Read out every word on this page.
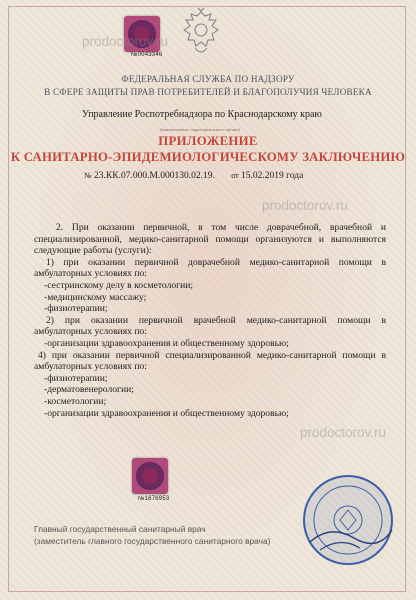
№0043346
ФЕДЕРАЛЬНАЯ СЛУЖБА ПО НАДЗОРУ
В СФЕРЕ ЗАЩИТЫ ПРАВ ПОТРЕБИТЕЛЕЙ И БЛАГОПОЛУЧИЯ ЧЕЛОВЕКА
Управление Роспотребнадзора по Краснодарскому краю
(наименование территориального органа)
ПРИЛОЖЕНИЕ
К САНИТАРНО-ЭПИДЕМИОЛОГИЧЕСКОМУ ЗАКЛЮЧЕНИЮ
№ 23.КК.07.000.М.000130.02.19. от 15.02.2019 года

2. При оказании первичной, в том числе доврачебной, врачебной и специализированной, медико-санитарной помощи организуются и выполняются следующие работы (услуги):

1) при оказании первичной доврачебной медико-санитарной помощи в амбулаторных условиях по:

-сестринскому делу в косметологии;

-медицинскому массажу;

-физиотерапии;

2) при оказании первичной врачебной медико-санитарной помощи в амбулаторных условиях по:

-организации здравоохранения и общественному здоровью;

4) при оказании первичной специализированной медико-санитарной помощи в амбулаторных условиях по:

-физиотерапии;

-дерматовенерологии;

-косметологии;

-организации здравоохранения и общественному здоровью;

prodoctorov.ru
prodoctorov.ru
prodoctorov.ru
№1676953
Главный государственный санитарный врач
(заместитель главного государственного санитарного врача)
